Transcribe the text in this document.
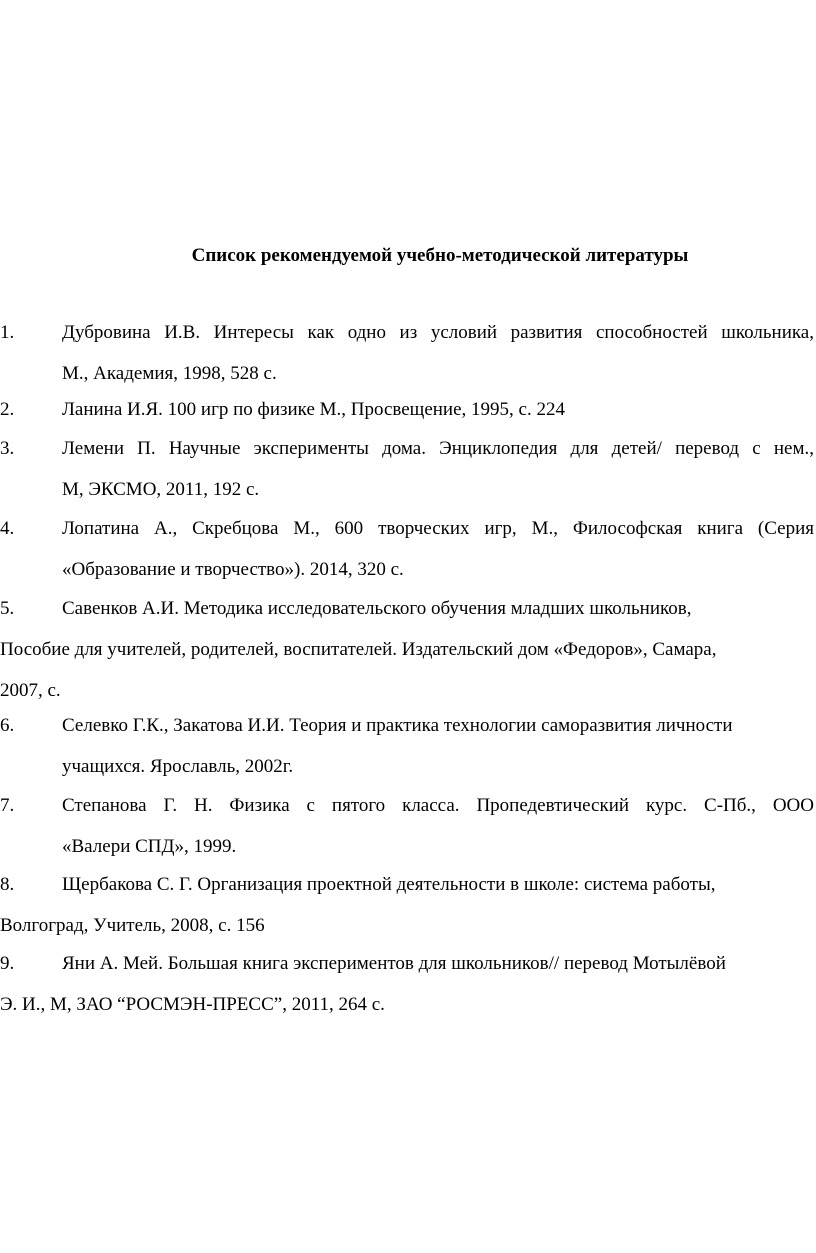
Список рекомендуемой учебно-методической литературы
1.	Дубровина И.В. Интересы как одно из условий развития способностей школьника,
М., Академия, 1998, 528 с.
2.	Ланина И.Я. 100 игр по физике М., Просвещение, 1995, с. 224
3.	Лемени П. Научные эксперименты дома. Энциклопедия для детей/ перевод с нем.,
М, ЭКСМО, 2011, 192 с.
4.	Лопатина А., Скребцова М., 600 творческих игр, М., Философская книга (Серия
«Образование и творчество»). 2014, 320 с.
5.	Савенков А.И. Методика исследовательского обучения младших школьников,
Пособие для учителей, родителей, воспитателей. Издательский дом «Федоров», Самара,
2007, с.
6.	Селевко Г.К., Закатова И.И. Теория и практика технологии саморазвития личности
учащихся. Ярославль, 2002г.
7.	Степанова Г. Н. Физика с пятого класса. Пропедевтический курс. С-Пб., ООО
«Валери СПД», 1999.
8.	Щербакова С. Г. Организация проектной деятельности в школе: система работы,
Волгоград, Учитель, 2008, с. 156
9.	Яни А. Мей. Большая книга экспериментов для школьников// перевод Мотылёвой
Э. И., М, ЗАО “РОСМЭН-ПРЕСС”, 2011, 264 с.
